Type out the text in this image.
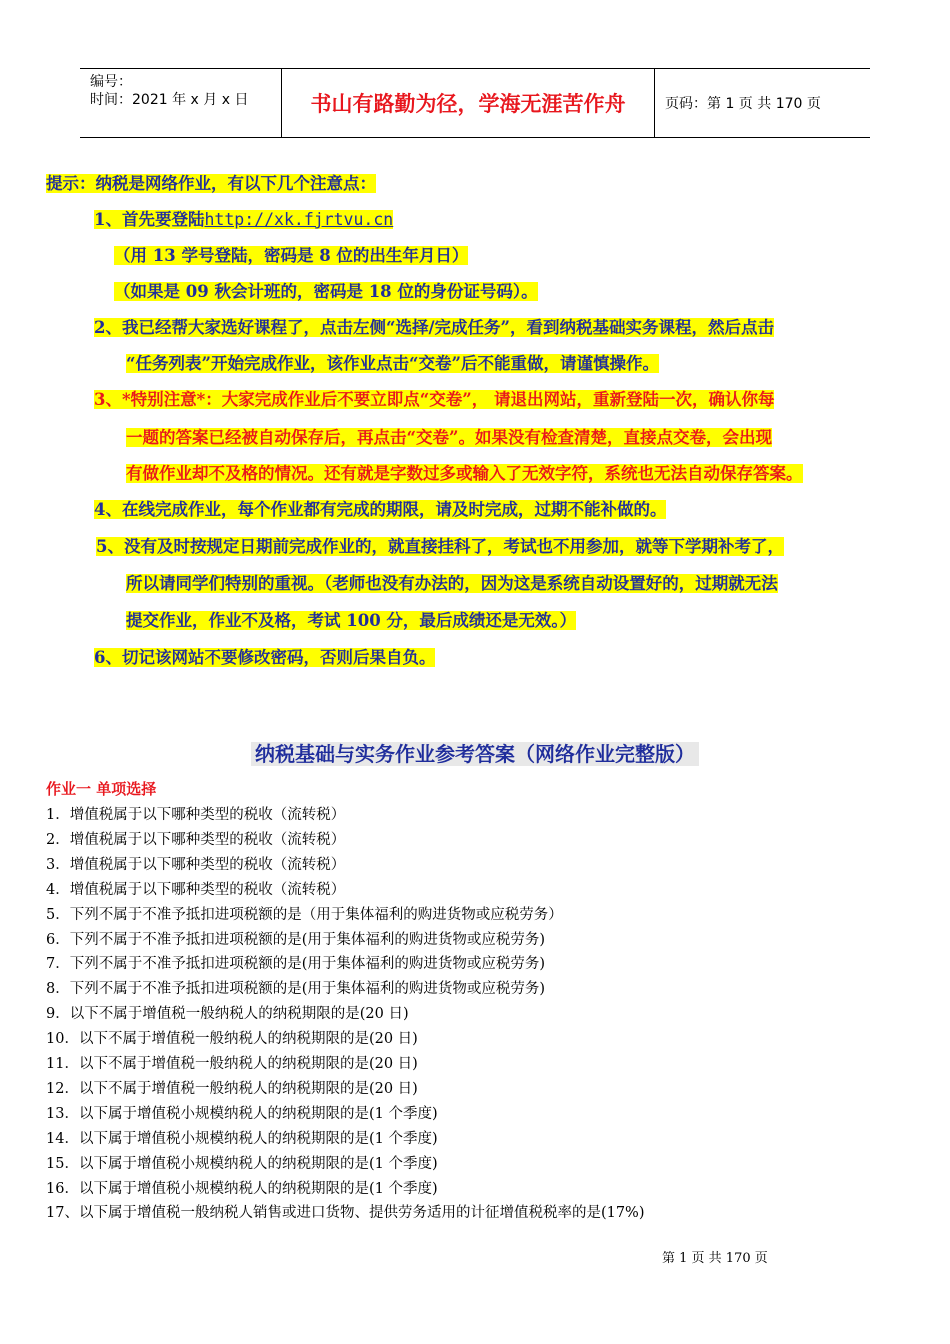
编号：
时间：2021 年 x 月 x 日	书山有路勤为径，学海无涯苦作舟	页码：第 1 页 共 170 页
提示：纳税是网络作业，有以下几个注意点：
1、首先要登陆http://xk.fjrtvu.cn
（用 13 学号登陆，密码是 8 位的出生年月日）
（如果是 09 秋会计班的，密码是 18 位的身份证号码）。
2、我已经帮大家选好课程了，点击左侧“选择/完成任务”，看到纳税基础实务课程，然后点击
“任务列表”开始完成作业，该作业点击“交卷”后不能重做，请谨慎操作。
3、*特别注意*：大家完成作业后不要立即点“交卷”， 请退出网站，重新登陆一次，确认你每
一题的答案已经被自动保存后，再点击“交卷”。如果没有检查清楚，直接点交卷，会出现
有做作业却不及格的情况。还有就是字数过多或输入了无效字符，系统也无法自动保存答案。
4、在线完成作业，每个作业都有完成的期限，请及时完成，过期不能补做的。
5、没有及时按规定日期前完成作业的，就直接挂科了，考试也不用参加，就等下学期补考了，
所以请同学们特别的重视。（老师也没有办法的，因为这是系统自动设置好的，过期就无法
提交作业，作业不及格，考试 100 分，最后成绩还是无效。）
6、切记该网站不要修改密码，否则后果自负。
纳税基础与实务作业参考答案（网络作业完整版）
作业一 单项选择
1．增值税属于以下哪种类型的税收（流转税）
2．增值税属于以下哪种类型的税收（流转税）
3．增值税属于以下哪种类型的税收（流转税）
4．增值税属于以下哪种类型的税收（流转税）
5．下列不属于不准予抵扣进项税额的是（用于集体福利的购进货物或应税劳务）
6．下列不属于不准予抵扣进项税额的是(用于集体福利的购进货物或应税劳务)
7．下列不属于不准予抵扣进项税额的是(用于集体福利的购进货物或应税劳务)
8．下列不属于不准予抵扣进项税额的是(用于集体福利的购进货物或应税劳务)
9．以下不属于增值税一般纳税人的纳税期限的是(20 日)
10．以下不属于增值税一般纳税人的纳税期限的是(20 日)
11．以下不属于增值税一般纳税人的纳税期限的是(20 日)
12．以下不属于增值税一般纳税人的纳税期限的是(20 日)
13．以下属于增值税小规模纳税人的纳税期限的是(1 个季度)
14．以下属于增值税小规模纳税人的纳税期限的是(1 个季度)
15．以下属于增值税小规模纳税人的纳税期限的是(1 个季度)
16．以下属于增值税小规模纳税人的纳税期限的是(1 个季度)
17、以下属于增值税一般纳税人销售或进口货物、提供劳务适用的计征增值税税率的是(17%)
第 1 页 共 170 页
